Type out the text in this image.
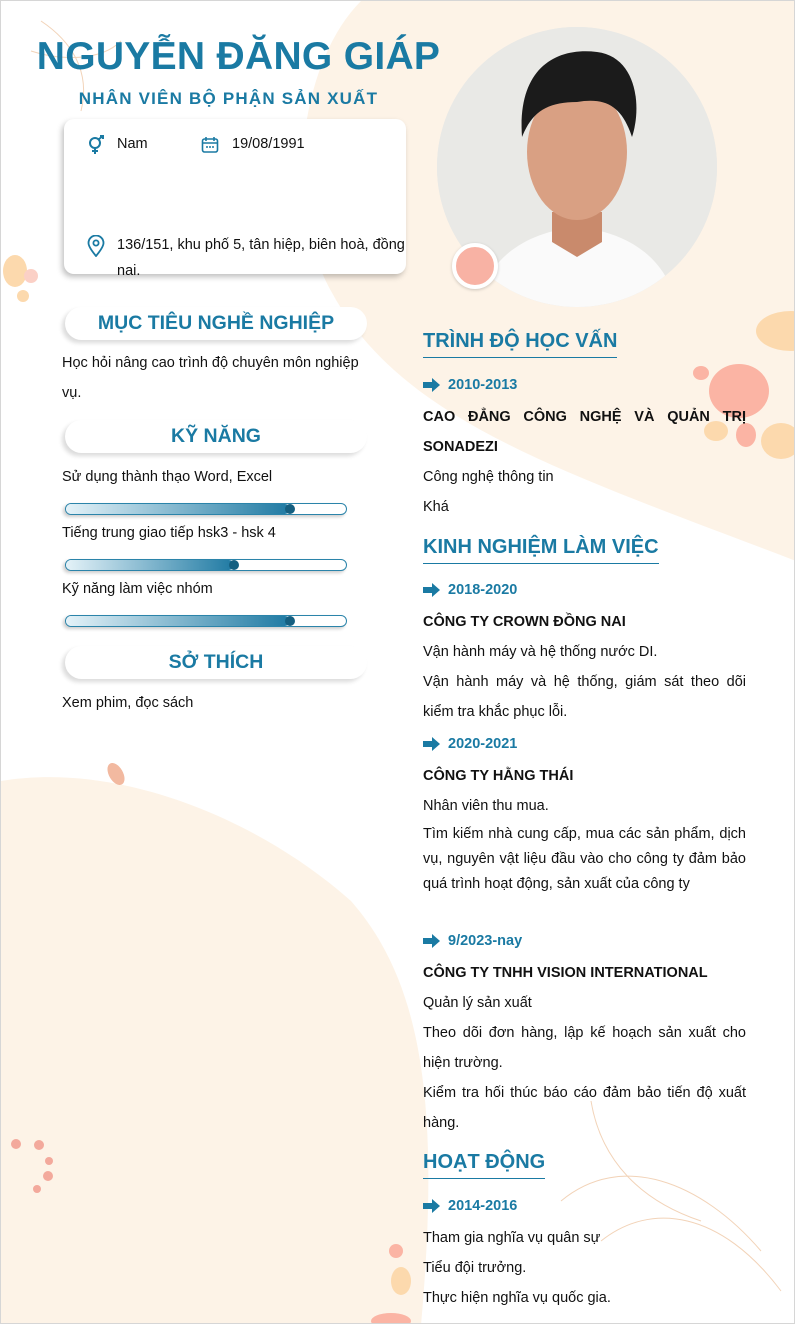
NGUYỄN ĐĂNG GIÁP
NHÂN VIÊN BỘ PHẬN SẢN XUẤT
Nam	19/08/1991
136/151, khu phố 5, tân hiệp, biên hoà, đồng nai.
MỤC TIÊU NGHỀ NGHIỆP
Học hỏi nâng cao trình độ chuyên môn nghiệp vụ.
KỸ NĂNG
Sử dụng thành thạo Word, Excel
Tiếng trung giao tiếp hsk3 - hsk 4
Kỹ năng làm việc nhóm
SỞ THÍCH
Xem phim, đọc sách
TRÌNH ĐỘ HỌC VẤN
2010-2013
CAO ĐẲNG CÔNG NGHỆ VÀ QUẢN TRỊ SONADEZI
Công nghệ thông tin
Khá
KINH NGHIỆM LÀM VIỆC
2018-2020
CÔNG TY CROWN ĐỒNG NAI
Vận hành máy và hệ thống nước DI.
Vận hành máy và hệ thống, giám sát theo dõi kiểm tra khắc phục lỗi.
2020-2021
CÔNG TY HẰNG THÁI
Nhân viên thu mua.
Tìm kiếm nhà cung cấp, mua các sản phẩm, dịch vụ, nguyên vật liệu đầu vào cho công ty đảm bảo quá trình hoạt động, sản xuất của công ty
9/2023-nay
CÔNG TY TNHH VISION INTERNATIONAL
Quản lý sản xuất
Theo dõi đơn hàng, lập kế hoạch sản xuất cho hiện trường.
Kiểm tra hối thúc báo cáo đảm bảo tiến độ xuất hàng.
HOẠT ĐỘNG
2014-2016
Tham gia nghĩa vụ quân sự
Tiểu đội trưởng.
Thực hiện nghĩa vụ quốc gia.
